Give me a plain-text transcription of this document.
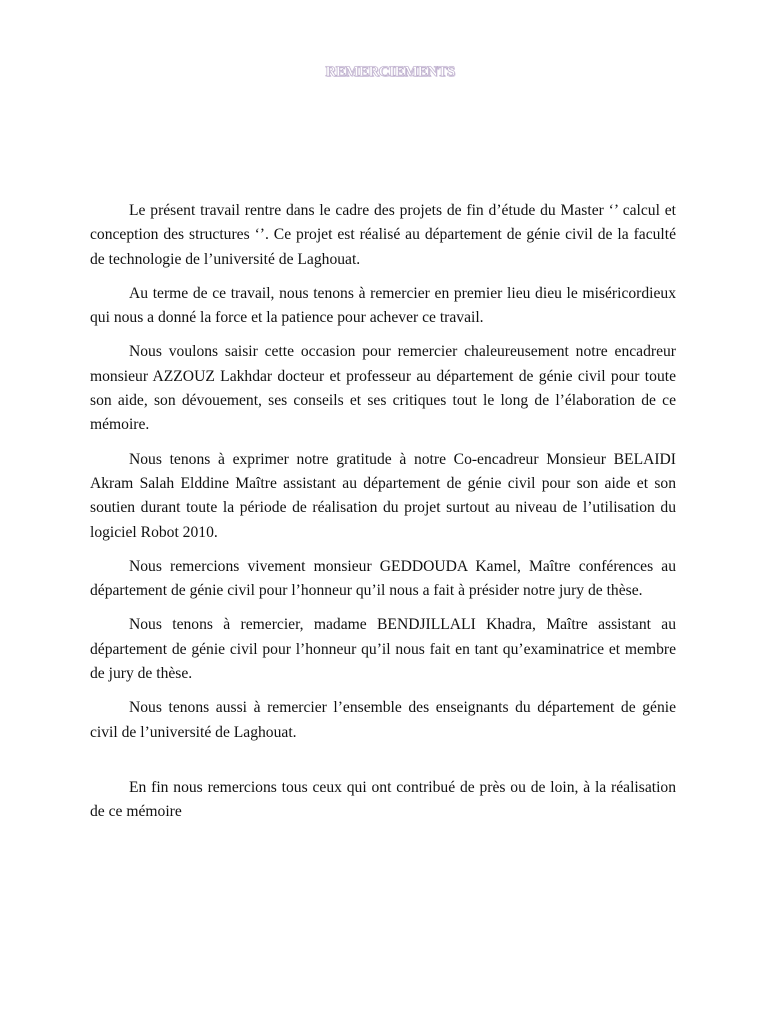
REMERCIEMENTS

Le présent travail rentre dans le cadre des projets de fin d’étude du Master ‘’ calcul et conception des structures ‘’. Ce projet est réalisé au département de génie civil de la faculté de technologie de l’université de Laghouat.

Au terme de ce travail, nous tenons à remercier en premier lieu dieu le miséricordieux qui nous a donné la force et la patience pour achever ce travail.

Nous voulons saisir cette occasion pour remercier chaleureusement notre encadreur monsieur AZZOUZ Lakhdar docteur et professeur au département de génie civil pour toute son aide, son dévouement, ses conseils et ses critiques tout le long de l’élaboration de ce mémoire.

Nous tenons à exprimer notre gratitude à notre Co-encadreur Monsieur BELAIDI Akram Salah Elddine Maître assistant au département de génie civil pour son aide et son soutien durant toute la période de réalisation du projet surtout au niveau de l’utilisation du logiciel Robot 2010.

Nous remercions vivement monsieur GEDDOUDA Kamel, Maître conférences au département de génie civil pour l’honneur qu’il nous a fait à présider notre jury de thèse.

Nous tenons à remercier, madame BENDJILLALI Khadra, Maître assistant au département de génie civil pour l’honneur qu’il nous fait en tant qu’examinatrice et membre de jury de thèse.

Nous tenons aussi à remercier l’ensemble des enseignants du département de génie civil de l’université de Laghouat.

En fin nous remercions tous ceux qui ont contribué de près ou de loin, à la réalisation de ce mémoire
